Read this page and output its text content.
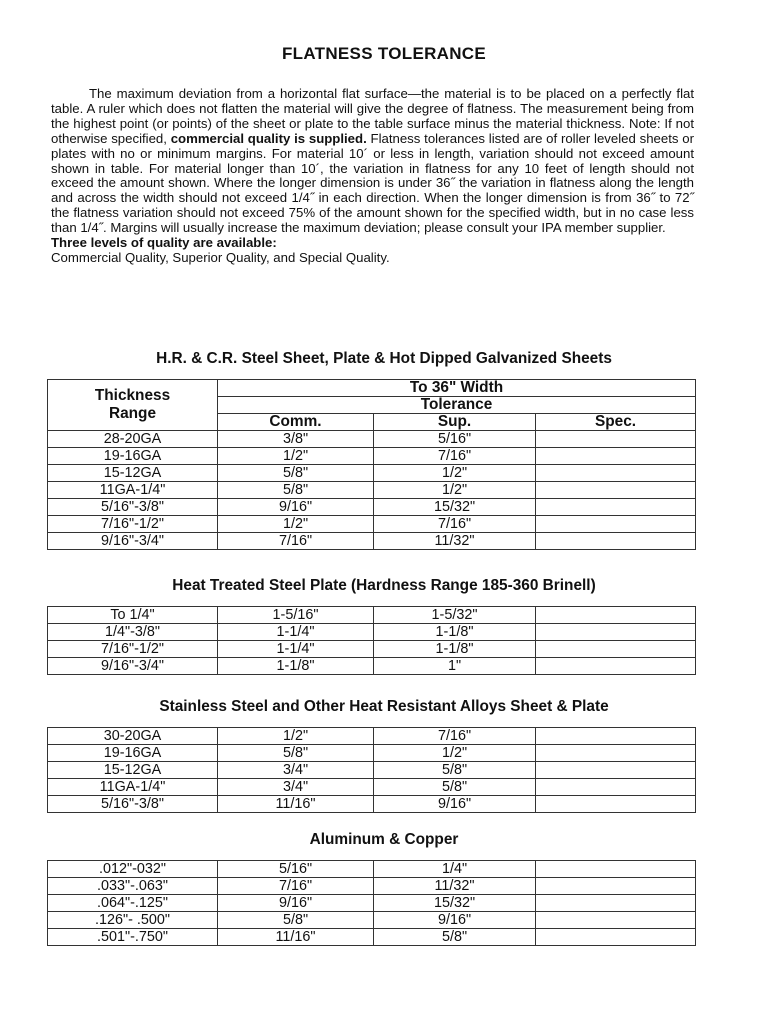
FLATNESS TOLERANCE

The maximum deviation from a horizontal flat surface—the material is to be placed on a perfectly flat table. A ruler which does not flatten the material will give the degree of flatness. The measurement being from the highest point (or points) of the sheet or plate to the table surface minus the material thickness. Note: If not otherwise specified, commercial quality is supplied. Flatness tolerances listed are of roller leveled sheets or plates with no or minimum margins. For material 10´ or less in length, variation should not exceed amount shown in table. For material longer than 10´, the variation in flatness for any 10 feet of length should not exceed the amount shown. Where the longer dimension is under 36˝ the variation in flatness along the length and across the width should not exceed 1/4˝ in each direction. When the longer dimension is from 36˝ to 72˝ the flatness variation should not exceed 75% of the amount shown for the specified width, but in no case less than 1/4˝. Margins will usually increase the maximum deviation; please consult your IPA member supplier.

Three levels of quality are available:

Commercial Quality, Superior Quality, and Special Quality.

H.R. & C.R. Steel Sheet, Plate & Hot Dipped Galvanized Sheets
Thickness
Range	To 36" Width		
	Tolerance		
	Comm.	Sup.	Spec.
28-20GA	3/8"	5/16"	
19-16GA	1/2"	7/16"	
15-12GA	5/8"	1/2"	
11GA-1/4"	5/8"	1/2"	
5/16"-3/8"	9/16"	15/32"	
7/16"-1/2"	1/2"	7/16"	
9/16"-3/4"	7/16"	11/32"	
Heat Treated Steel Plate (Hardness Range 185-360 Brinell)
To 1/4"	1-5/16"	1-5/32"	
1/4"-3/8"	1-1/4"	1-1/8"	
7/16"-1/2"	1-1/4"	1-1/8"	
9/16"-3/4"	1-1/8"	1"	
Stainless Steel and Other Heat Resistant Alloys Sheet & Plate
30-20GA	1/2"	7/16"	
19-16GA	5/8"	1/2"	
15-12GA	3/4"	5/8"	
11GA-1/4"	3/4"	5/8"	
5/16"-3/8"	11/16"	9/16"	
Aluminum & Copper
.012"-032"	5/16"	1/4"	
.033"-.063"	7/16"	11/32"	
.064"-.125"	9/16"	15/32"	
.126"- .500"	5/8"	9/16"	
.501"-.750"	11/16"	5/8"	
